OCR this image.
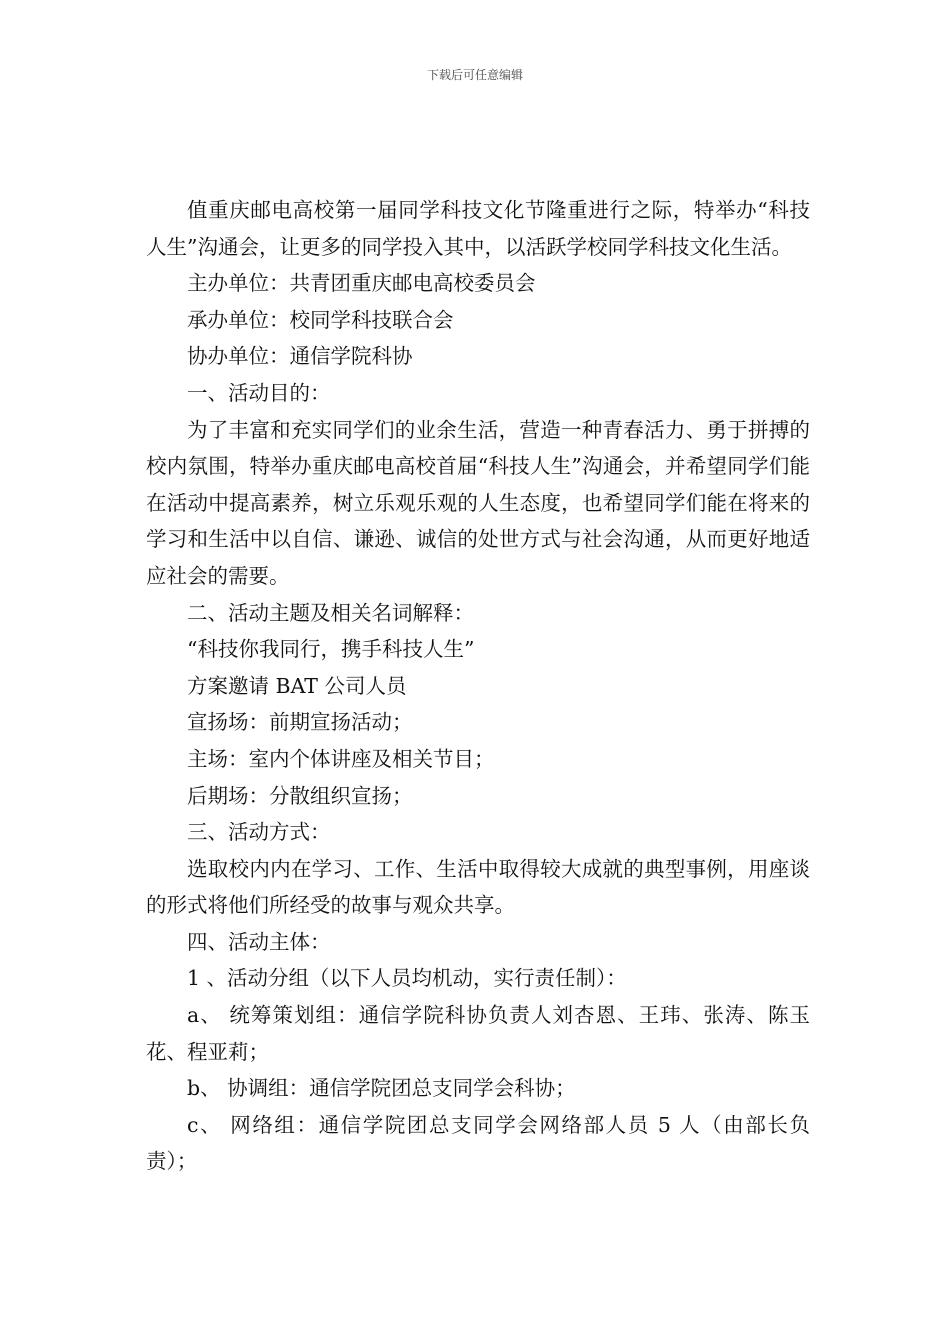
下载后可任意编辑

值重庆邮电高校第一届同学科技文化节隆重进行之际，特举办“科技人生”沟通会，让更多的同学投入其中，以活跃学校同学科技文化生活。

主办单位：共青团重庆邮电高校委员会

承办单位：校同学科技联合会

协办单位：通信学院科协

一、活动目的：

为了丰富和充实同学们的业余生活，营造一种青春活力、勇于拼搏的校内氛围，特举办重庆邮电高校首届“科技人生”沟通会，并希望同学们能在活动中提高素养，树立乐观乐观的人生态度，也希望同学们能在将来的学习和生活中以自信、谦逊、诚信的处世方式与社会沟通，从而更好地适应社会的需要。

二、活动主题及相关名词解释：

“科技你我同行，携手科技人生”

方案邀请 BAT 公司人员

宣扬场：前期宣扬活动；

主场：室内个体讲座及相关节目；

后期场：分散组织宣扬；

三、活动方式：

选取校内内在学习、工作、生活中取得较大成就的典型事例，用座谈的形式将他们所经受的故事与观众共享。

四、活动主体：

1 、活动分组（以下人员均机动，实行责任制）：

a、 统筹策划组：通信学院科协负责人刘杏恩、王玮、张涛、陈玉花、程亚莉；

b、 协调组：通信学院团总支同学会科协；

c、 网络组：通信学院团总支同学会网络部人员 5 人（由部长负责）；
